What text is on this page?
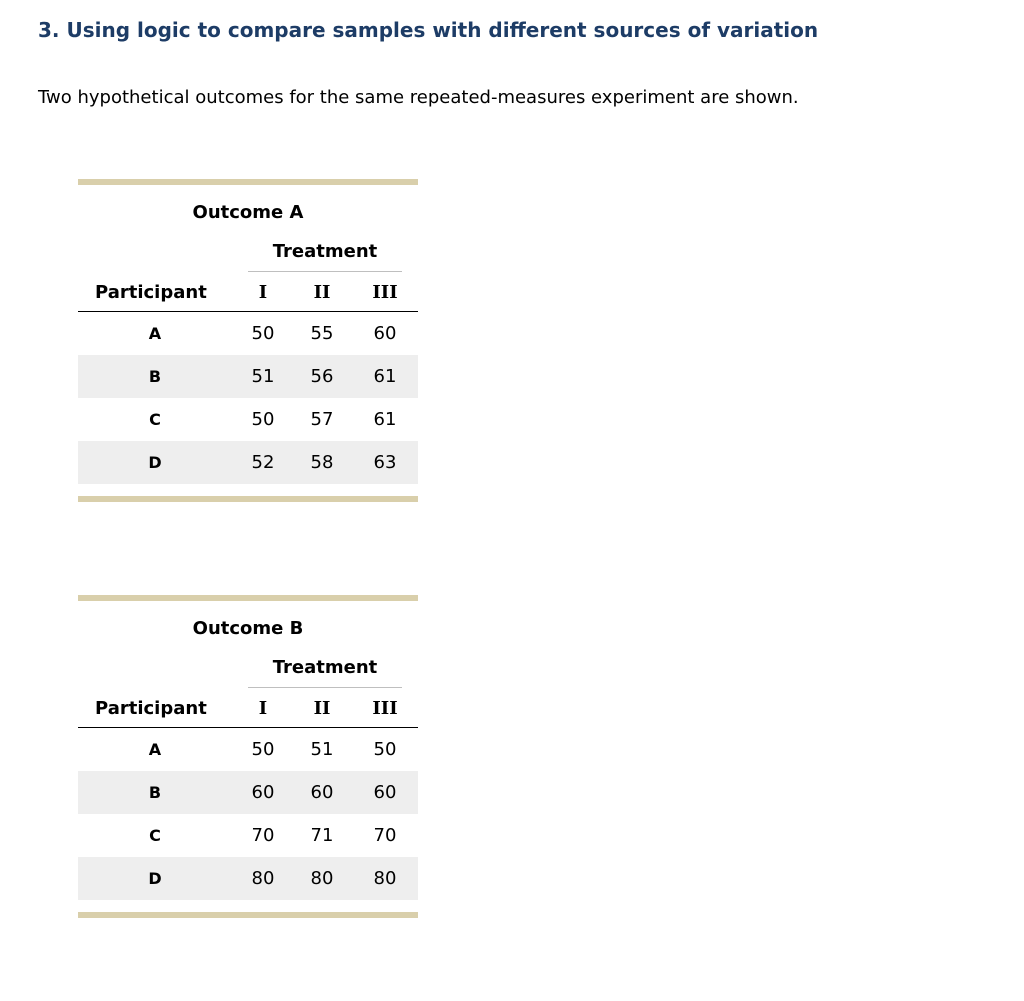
3. Using logic to compare samples with different sources of variation

Two hypothetical outcomes for the same repeated-measures experiment are shown.

Outcome A
Treatment
Participant	I	II	III
A	50	55	60
B	51	56	61
C	50	57	61
D	52	58	63
Outcome B
Treatment
Participant	I	II	III
A	50	51	50
B	60	60	60
C	70	71	70
D	80	80	80
